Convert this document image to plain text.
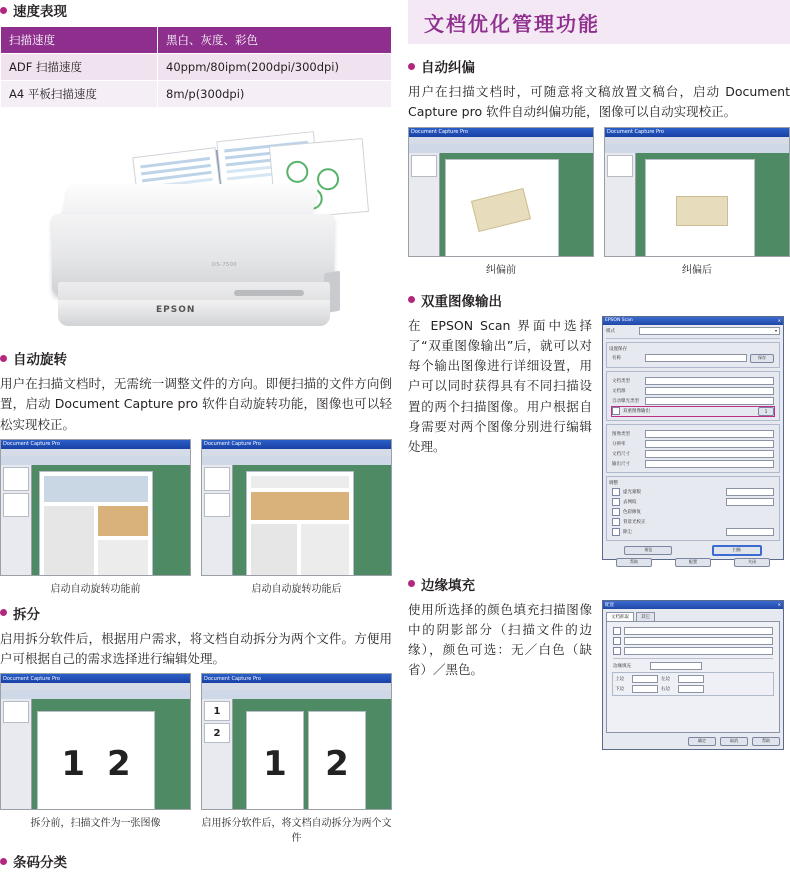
速度表现
扫描速度	黑白、灰度、彩色
ADF 扫描速度	40ppm/80ipm(200dpi/300dpi)
A4 平板扫描速度	8m/p(300dpi)
DS-7500
EPSON
自动旋转

用户在扫描文档时，无需统一调整文件的方向。即便扫描的文件方向倒置，启动 Document Capture pro 软件自动旋转功能，图像也可以轻松实现校正。

Document Capture Pro
启动自动旋转功能前
Document Capture Pro
启动自动旋转功能后
拆分

启用拆分软件后，根据用户需求，将文档自动拆分为两个文件。方便用户可根据自己的需求选择进行编辑处理。

Document Capture Pro
1 2
拆分前，扫描文件为一张图像
Document Capture Pro
1	2
1
2
启用拆分软件后，将文档自动拆分为两个文件
条码分类
文档优化管理功能
自动纠偏

用户在扫描文档时，可随意将文稿放置文稿台，启动 Document Capture pro 软件自动纠偏功能，图像可以自动实现校正。

Document Capture Pro
纠偏前
Document Capture Pro
纠偏后
双重图像输出

在 EPSON Scan 界面中选择了“双重图像输出”后，就可以对每个输出图像进行详细设置，用户可以同时获得具有不同扫描设置的两个扫描图像。用户根据自身需要对两个图像分别进行编辑处理。

EPSON Scan	✕
模式	▾
设置保存
名称	保存
文档类型
文档源
自动曝光类型
双重图像输出	1
图像类型
分辨率
文档尺寸
输出尺寸
调整
虚光蒙版
去网纹
色彩修复
背景光校正
除尘
预览	扫描
帮助	配置	关闭
边缘填充

使用所选择的颜色填充扫描图像中的阴影部分（扫描文件的边缘），颜色可选：无／白色（缺省）／黑色。

配置	✕
文档抓取	其它
边缘填充
上边	左边
下边	右边
确定	取消	帮助
